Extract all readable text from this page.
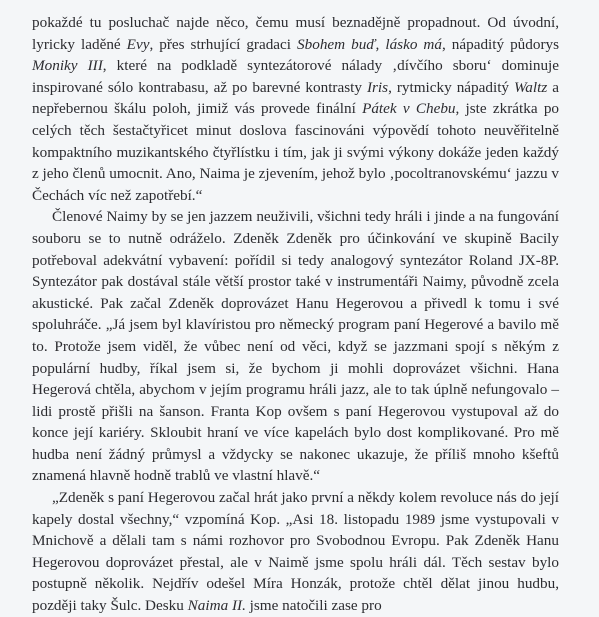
pokaždé tu posluchač najde něco, čemu musí beznadějně propadnout. Od úvodní, lyricky laděné Evy, přes strhující gradaci Sbohem buď, lásko má, nápaditý půdorys Moniky III, které na podkladě syntezátorové nálady ‚dívčího sboru‘ dominuje inspirované sólo kontrabasu, až po barevné kontrasty Iris, rytmicky nápaditý Waltz a nepřebernou škálu poloh, jimiž vás provede finální Pátek v Chebu, jste zkrátka po celých těch šestačtyřicet minut doslova fascinováni výpovědí tohoto neuvěřitelně kompaktního muzikantského čtyřlístku i tím, jak ji svými výkony dokáže jeden každý z jeho členů umocnit. Ano, Naima je zjevením, jehož bylo ‚pocoltranovskému‘ jazzu v Čechách víc než zapotřebí.“

Členové Naimy by se jen jazzem neuživili, všichni tedy hráli i jinde a na fungování souboru se to nutně odráželo. Zdeněk Zdeněk pro účinkování ve skupině Bacily potřeboval adekvátní vybavení: pořídil si tedy analogový syntezátor Roland JX-8P. Syntezátor pak dostával stále větší prostor také v instrumentáři Naimy, původně zcela akustické. Pak začal Zdeněk doprovázet Hanu Hegerovou a přivedl k tomu i své spoluhráče. „Já jsem byl klavíristou pro německý program paní Hegerové a bavilo mě to. Protože jsem viděl, že vůbec není od věci, když se jazzmani spojí s někým z populární hudby, říkal jsem si, že bychom ji mohli doprovázet všichni. Hana Hegerová chtěla, abychom v jejím programu hráli jazz, ale to tak úplně nefungovalo – lidi prostě přišli na šanson. Franta Kop ovšem s paní Hegerovou vystupoval až do konce její kariéry. Skloubit hraní ve více kapelách bylo dost komplikované. Pro mě hudba není žádný průmysl a vždycky se nakonec ukazuje, že příliš mnoho kšeftů znamená hlavně hodně trablů ve vlastní hlavě.“

„Zdeněk s paní Hegerovou začal hrát jako první a někdy kolem revoluce nás do její kapely dostal všechny,“ vzpomíná Kop. „Asi 18. listopadu 1989 jsme vystupovali v Mnichově a dělali tam s námi rozhovor pro Svobodnou Evropu. Pak Zdeněk Hanu Hegerovou doprovázet přestal, ale v Naimě jsme spolu hráli dál. Těch sestav bylo postupně několik. Nejdřív odešel Míra Honzák, protože chtěl dělat jinou hudbu, později taky Šulc. Desku Naima II. jsme natočili zase pro
